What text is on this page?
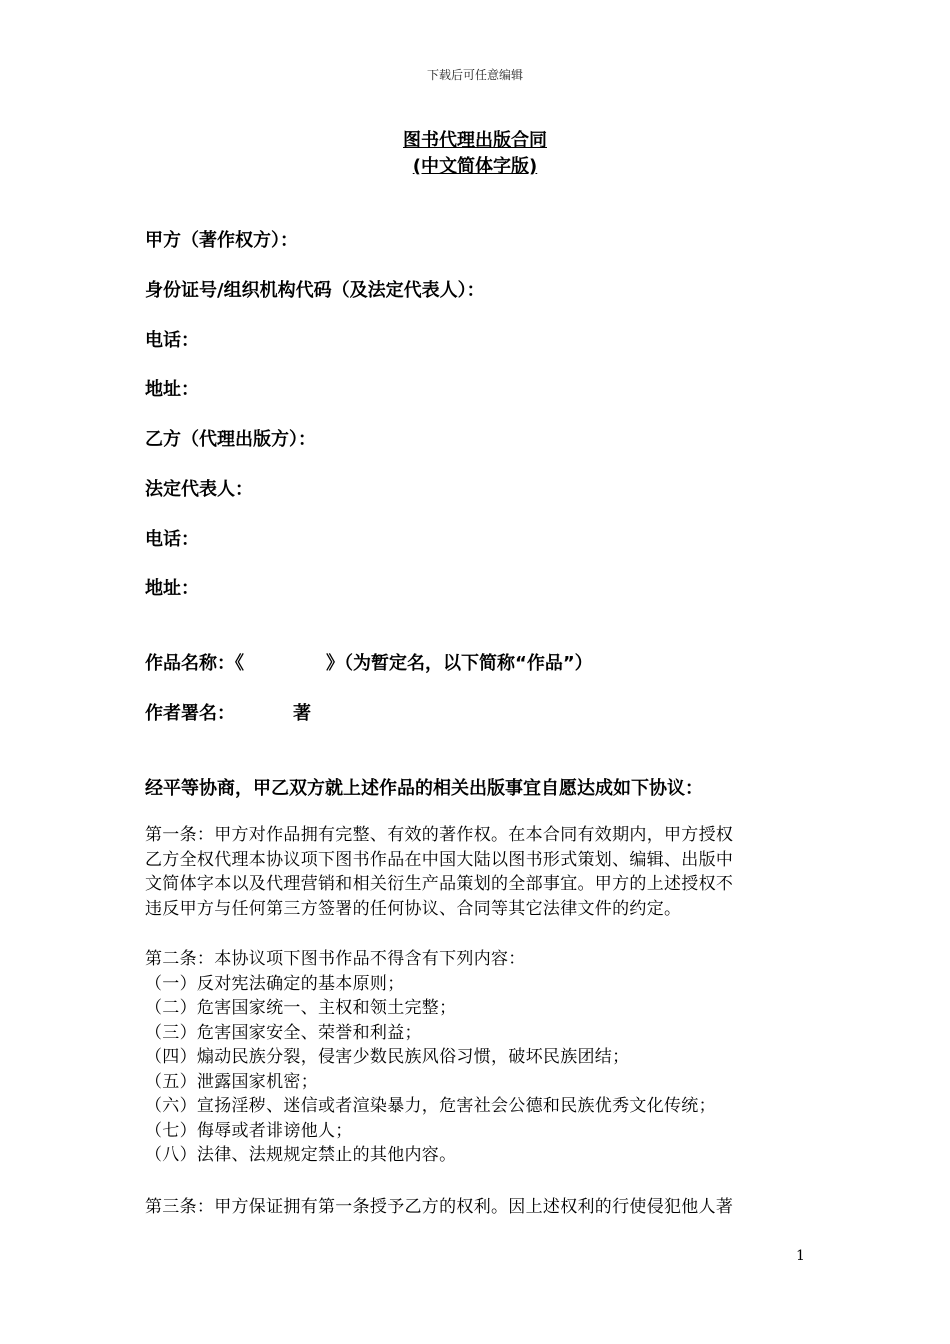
下载后可任意编辑
图书代理出版合同
(中文简体字版)
甲方（著作权方）：
身份证号/组织机构代码（及法定代表人）：
电话：
地址：
乙方（代理出版方）：
法定代表人：
电话：
地址：
作品名称：《	》（为暂定名，以下简称“作品”）
作者署名：	著
经平等协商，甲乙双方就上述作品的相关出版事宜自愿达成如下协议：
第一条：甲方对作品拥有完整、有效的著作权。在本合同有效期内，甲方授权
乙方全权代理本协议项下图书作品在中国大陆以图书形式策划、编辑、出版中
文简体字本以及代理营销和相关衍生产品策划的全部事宜。甲方的上述授权不
违反甲方与任何第三方签署的任何协议、合同等其它法律文件的约定。
第二条：本协议项下图书作品不得含有下列内容：
（一）反对宪法确定的基本原则；
（二）危害国家统一、主权和领土完整；
（三）危害国家安全、荣誉和利益；
（四）煽动民族分裂，侵害少数民族风俗习惯，破坏民族团结；
（五）泄露国家机密；
（六）宣扬淫秽、迷信或者渲染暴力，危害社会公德和民族优秀文化传统；
（七）侮辱或者诽谤他人；
（八）法律、法规规定禁止的其他内容。
第三条：甲方保证拥有第一条授予乙方的权利。因上述权利的行使侵犯他人著
1
